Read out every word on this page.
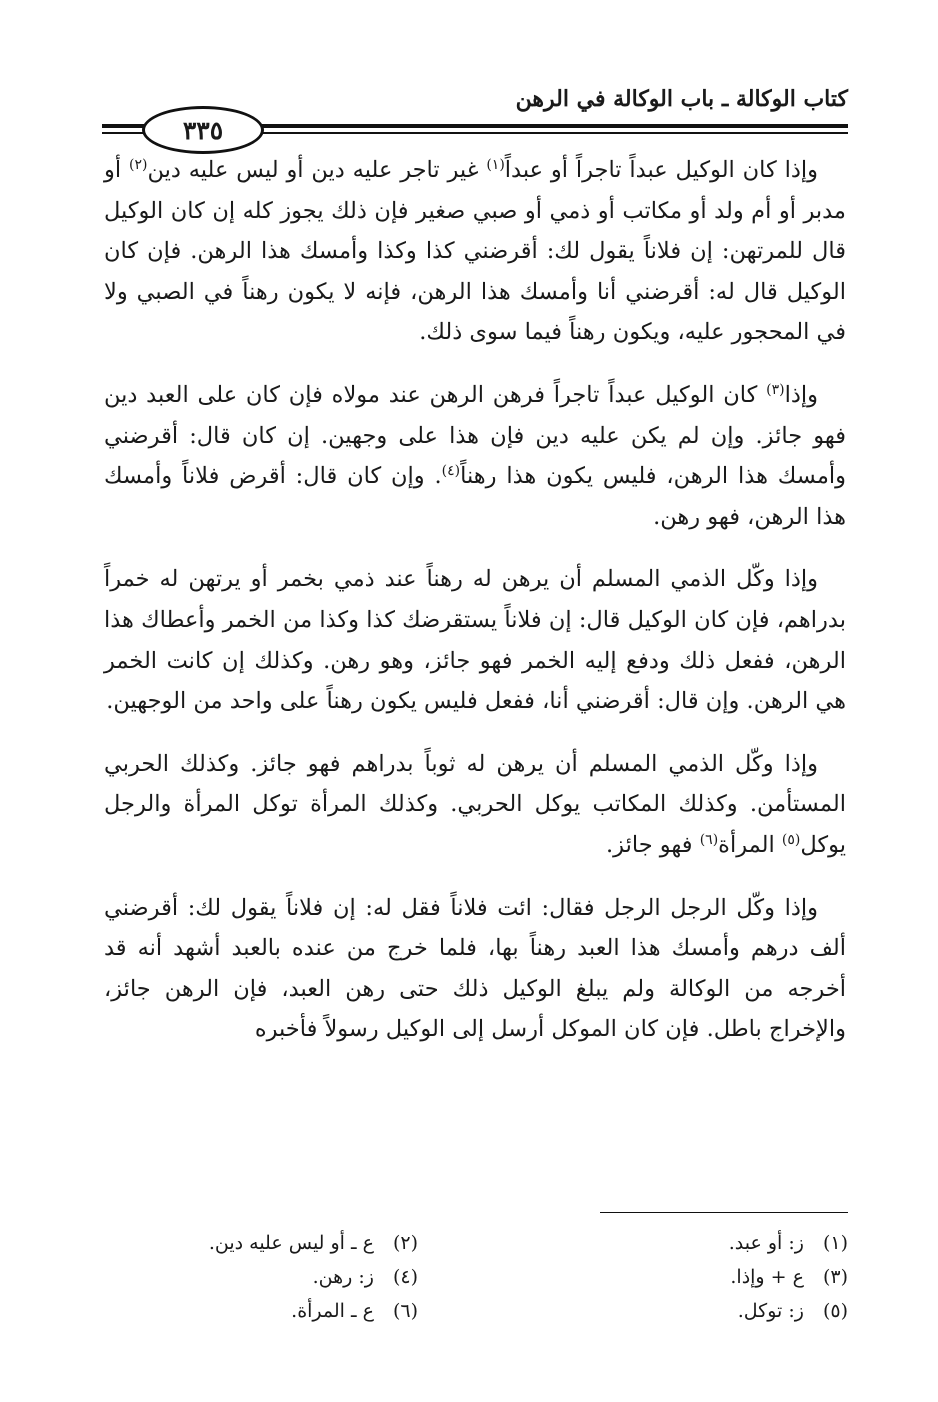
كتاب الوكالة ـ باب الوكالة في الرهن
٣٣٥

وإذا كان الوكيل عبداً تاجراً أو عبداً$^{(١)}$ غير تاجر عليه دين أو ليس عليه دين$^{(٢)}$ أو مدبر أو أم ولد أو مكاتب أو ذمي أو صبي صغير فإن ذلك يجوز كله إن كان الوكيل قال للمرتهن: إن فلاناً يقول لك: أقرضني كذا وكذا وأمسك هذا الرهن. فإن كان الوكيل قال له: أقرضني أنا وأمسك هذا الرهن، فإنه لا يكون رهناً في الصبي ولا في المحجور عليه، ويكون رهناً فيما سوى ذلك.

وإذا$^{(٣)}$ كان الوكيل عبداً تاجراً فرهن الرهن عند مولاه فإن كان على العبد دين فهو جائز. وإن لم يكن عليه دين فإن هذا على وجهين. إن كان قال: أقرضني وأمسك هذا الرهن، فليس يكون هذا رهناً$^{(٤)}$. وإن كان قال: أقرض فلاناً وأمسك هذا الرهن، فهو رهن.

وإذا وكّل الذمي المسلم أن يرهن له رهناً عند ذمي بخمر أو يرتهن له خمراً بدراهم، فإن كان الوكيل قال: إن فلاناً يستقرضك كذا وكذا من الخمر وأعطاك هذا الرهن، ففعل ذلك ودفع إليه الخمر فهو جائز، وهو رهن. وكذلك إن كانت الخمر هي الرهن. وإن قال: أقرضني أنا، ففعل فليس يكون رهناً على واحد من الوجهين.

وإذا وكّل الذمي المسلم أن يرهن له ثوباً بدراهم فهو جائز. وكذلك الحربي المستأمن. وكذلك المكاتب يوكل الحربي. وكذلك المرأة توكل المرأة والرجل يوكل$^{(٥)}$ المرأة$^{(٦)}$ فهو جائز.

وإذا وكّل الرجل الرجل فقال: ائت فلاناً فقل له: إن فلاناً يقول لك: أقرضني ألف درهم وأمسك هذا العبد رهناً بها، فلما خرج من عنده بالعبد أشهد أنه قد أخرجه من الوكالة ولم يبلغ الوكيل ذلك حتى رهن العبد، فإن الرهن جائز، والإخراج باطل. فإن كان الموكل أرسل إلى الوكيل رسولاً فأخبره

(١) ز: أو عبد.
(٢) ع ـ أو ليس عليه دين.
(٣) ع + وإذا.
(٤) ز: رهن.
(٥) ز: توكل.
(٦) ع ـ المرأة.
